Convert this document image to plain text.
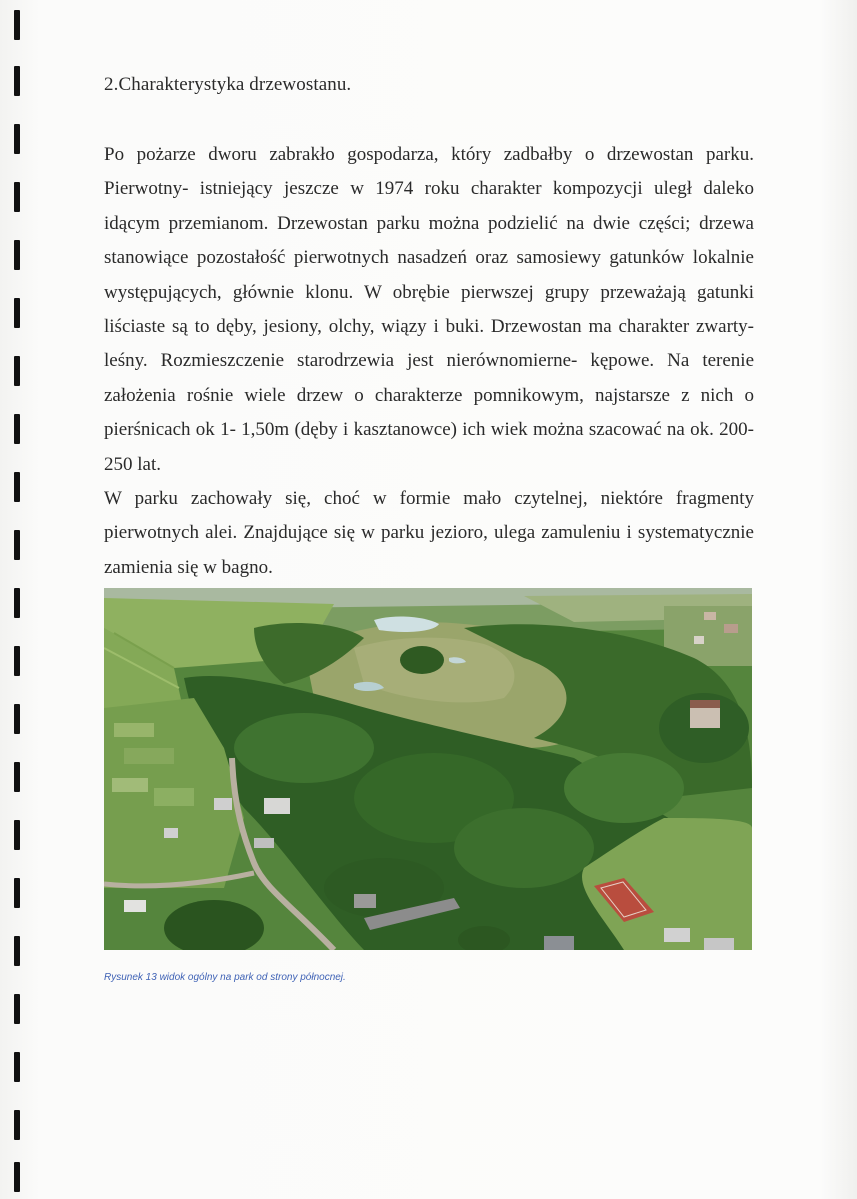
2.Charakterystyka drzewostanu.

Po pożarze dworu zabrakło gospodarza, który zadbałby o drzewostan parku. Pierwotny- istniejący jeszcze w 1974 roku charakter kompozycji uległ daleko idącym przemianom. Drzewostan parku można podzielić na dwie części; drzewa stanowiące pozostałość pierwotnych nasadzeń oraz samosiewy gatunków lokalnie występujących, głównie klonu. W obrębie pierwszej grupy przeważają gatunki liściaste są to dęby, jesiony, olchy, wiązy i buki. Drzewostan ma charakter zwarty- leśny. Rozmieszczenie starodrzewia jest nierównomierne- kępowe. Na terenie założenia rośnie wiele drzew o charakterze pomnikowym, najstarsze z nich o pierśnicach ok 1- 1,50m (dęby i kasztanowce) ich wiek można szacować na ok. 200-250 lat.

W parku zachowały się, choć w formie mało czytelnej, niektóre fragmenty pierwotnych alei. Znajdujące się w parku jezioro, ulega zamuleniu i systematycznie zamienia się w bagno.

Rysunek 13 widok ogólny na park od strony północnej.
